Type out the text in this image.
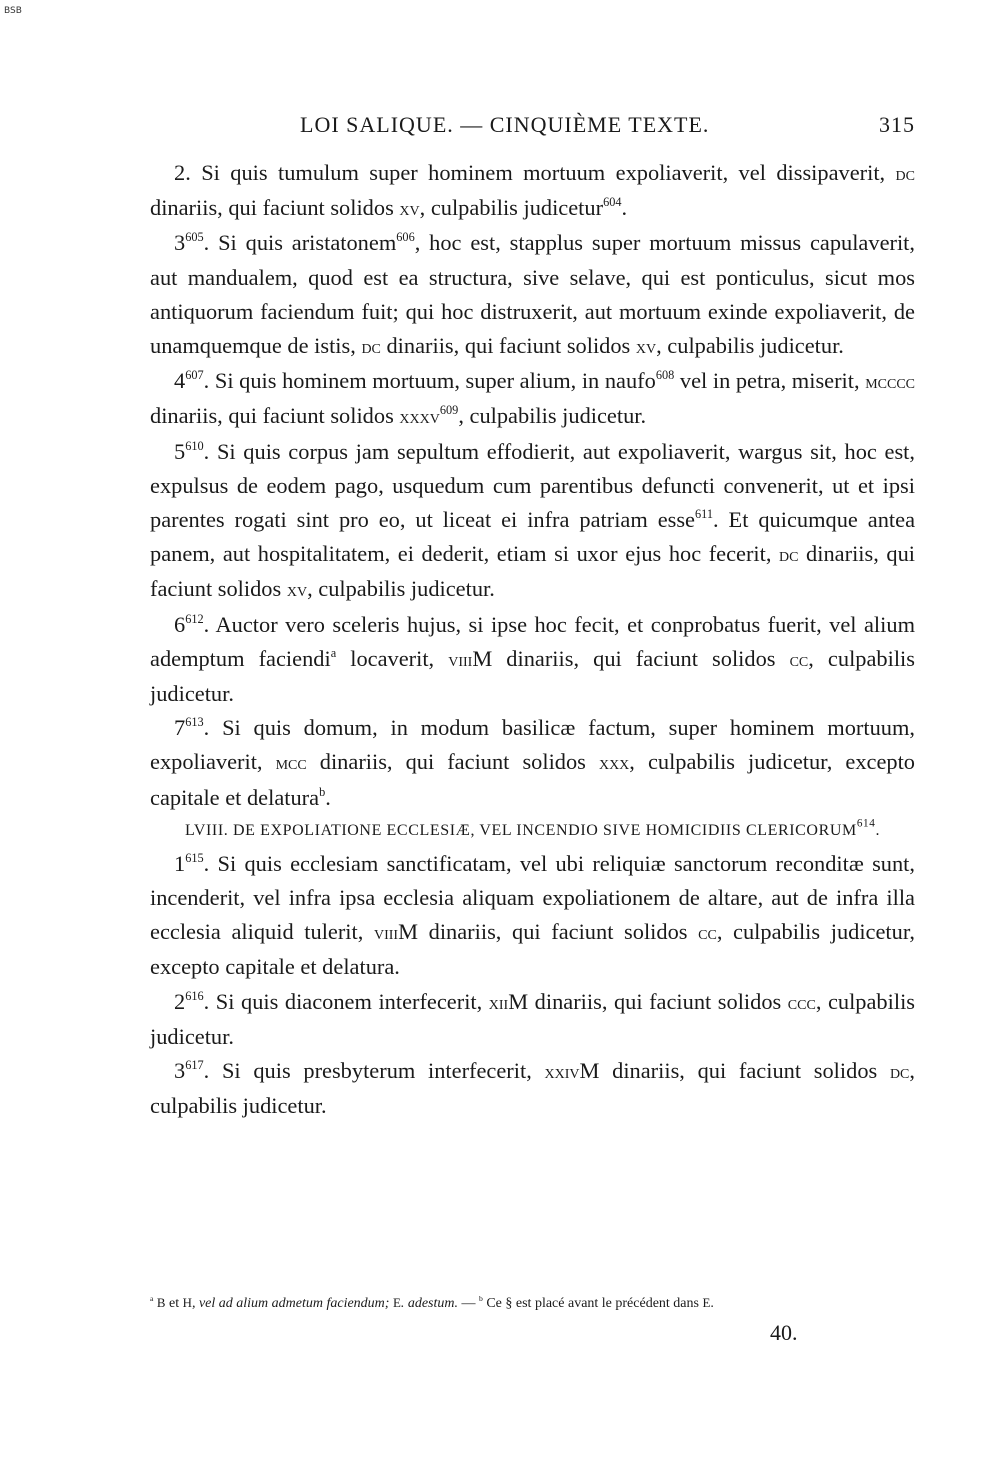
BSB
LOI SALIQUE. — CINQUIÈME TEXTE.	315

2. Si quis tumulum super hominem mortuum expoliaverit, vel dissipaverit, dc dinariis, qui faciunt solidos xv, culpabilis judicetur$^{604}$.

$3^{605}$. Si quis aristatonem$^{606}$, hoc est, stapplus super mortuum missus capulaverit, aut mandualem, quod est ea structura, sive selave, qui est ponticulus, sicut mos antiquorum faciendum fuit; qui hoc distruxerit, aut mortuum exinde expoliaverit, de unamquemque de istis, dc dinariis, qui faciunt solidos xv, culpabilis judicetur.

$4^{607}$. Si quis hominem mortuum, super alium, in naufo$^{608}$ vel in petra, miserit, mcccc dinariis, qui faciunt solidos xxxv$^{609}$, culpabilis judicetur.

$5^{610}$. Si quis corpus jam sepultum effodierit, aut expoliaverit, wargus sit, hoc est, expulsus de eodem pago, usquedum cum parentibus defuncti convenerit, ut et ipsi parentes rogati sint pro eo, ut liceat ei infra patriam esse$^{611}$. Et quicumque antea panem, aut hospitalitatem, ei dederit, etiam si uxor ejus hoc fecerit, dc dinariis, qui faciunt solidos xv, culpabilis judicetur.

$6^{612}$. Auctor vero sceleris hujus, si ipse hoc fecit, et conprobatus fuerit, vel alium ademptum faciendi$^a$ locaverit, viiiM dinariis, qui faciunt solidos cc, culpabilis judicetur.

$7^{613}$. Si quis domum, in modum basilicæ factum, super hominem mortuum, expoliaverit, mcc dinariis, qui faciunt solidos xxx, culpabilis judicetur, excepto capitale et delatura$^b$.

LVIII. DE EXPOLIATIONE ECCLESIÆ, VEL INCENDIO SIVE HOMICIDIIS CLERICORUM$^{614}$.

$1^{615}$. Si quis ecclesiam sanctificatam, vel ubi reliquiæ sanctorum reconditæ sunt, incenderit, vel infra ipsa ecclesia aliquam expoliationem de altare, aut de infra illa ecclesia aliquid tulerit, viiiM dinariis, qui faciunt solidos cc, culpabilis judicetur, excepto capitale et delatura.

$2^{616}$. Si quis diaconem interfecerit, xiiM dinariis, qui faciunt solidos ccc, culpabilis judicetur.

$3^{617}$. Si quis presbyterum interfecerit, xxivM dinariis, qui faciunt solidos dc, culpabilis judicetur.

$^a$ B et H, vel ad alium admetum faciendum; E. adestum. — $^b$ Ce § est placé avant le précédent dans E.
40.
